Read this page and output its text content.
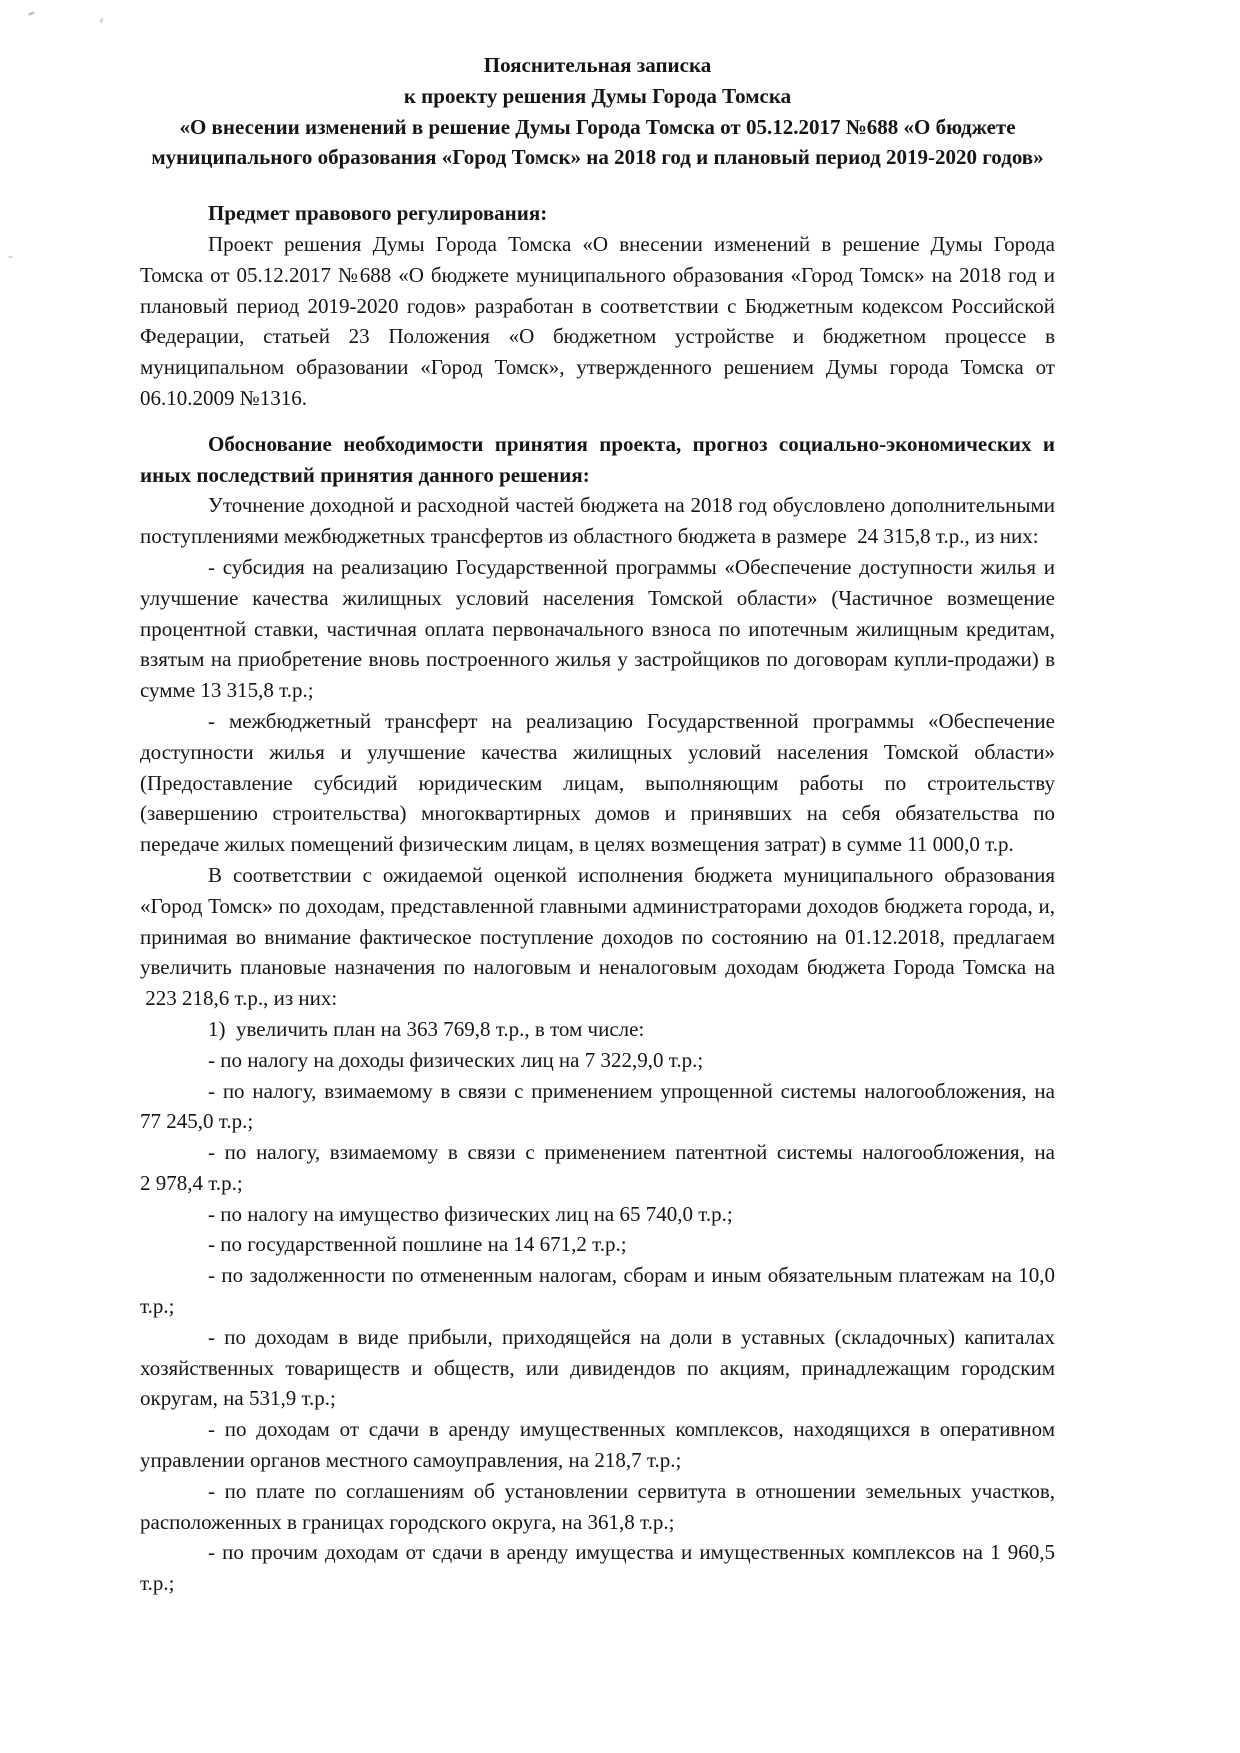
Пояснительная записка

к проекту решения Думы Города Томска

«О внесении изменений в решение Думы Города Томска от 05.12.2017 №688 «О бюджете муниципального образования «Город Томск» на 2018 год и плановый период 2019-2020 годов»

Предмет правового регулирования:

Проект решения Думы Города Томска «О внесении изменений в решение Думы Города Томска от 05.12.2017 №688 «О бюджете муниципального образования «Город Томск» на 2018 год и плановый период 2019-2020 годов» разработан в соответствии с Бюджетным кодексом Российской Федерации, статьей 23 Положения «О бюджетном устройстве и бюджетном процессе в муниципальном образовании «Город Томск», утвержденного решением Думы города Томска от 06.10.2009 №1316.

Обоснование необходимости принятия проекта, прогноз социально-экономических и иных последствий принятия данного решения:

Уточнение доходной и расходной частей бюджета на 2018 год обусловлено дополнительными поступлениями межбюджетных трансфертов из областного бюджета в размере  24 315,8 т.р., из них:

- субсидия на реализацию Государственной программы «Обеспечение доступности жилья и улучшение качества жилищных условий населения Томской области» (Частичное возмещение процентной ставки, частичная оплата первоначального взноса по ипотечным жилищным кредитам, взятым на приобретение вновь построенного жилья у застройщиков по договорам купли-продажи) в сумме 13 315,8 т.р.;

- межбюджетный трансферт на реализацию Государственной программы «Обеспечение доступности жилья и улучшение качества жилищных условий населения Томской области» (Предоставление субсидий юридическим лицам, выполняющим работы по строительству (завершению строительства) многоквартирных домов и принявших на себя обязательства по передаче жилых помещений физическим лицам, в целях возмещения затрат) в сумме 11 000,0 т.р.

В соответствии с ожидаемой оценкой исполнения бюджета муниципального образования «Город Томск» по доходам, представленной главными администраторами доходов бюджета города, и, принимая во внимание фактическое поступление доходов по состоянию на 01.12.2018, предлагаем увеличить плановые назначения по налоговым и неналоговым доходам бюджета Города Томска на  223 218,6 т.р., из них:

1)  увеличить план на 363 769,8 т.р., в том числе:

- по налогу на доходы физических лиц на 7 322,9,0 т.р.;

- по налогу, взимаемому в связи с применением упрощенной системы налогообложения, на 77 245,0 т.р.;

- по налогу, взимаемому в связи с применением патентной системы налогообложения, на 2 978,4 т.р.;

- по налогу на имущество физических лиц на 65 740,0 т.р.;

- по государственной пошлине на 14 671,2 т.р.;

- по задолженности по отмененным налогам, сборам и иным обязательным платежам на 10,0 т.р.;

- по доходам в виде прибыли, приходящейся на доли в уставных (складочных) капиталах хозяйственных товариществ и обществ, или дивидендов по акциям, принадлежащим городским округам, на 531,9 т.р.;

- по доходам от сдачи в аренду имущественных комплексов, находящихся в оперативном управлении органов местного самоуправления, на 218,7 т.р.;

- по плате по соглашениям об установлении сервитута в отношении земельных участков, расположенных в границах городского округа, на 361,8 т.р.;

- по прочим доходам от сдачи в аренду имущества и имущественных комплексов на 1 960,5 т.р.;
